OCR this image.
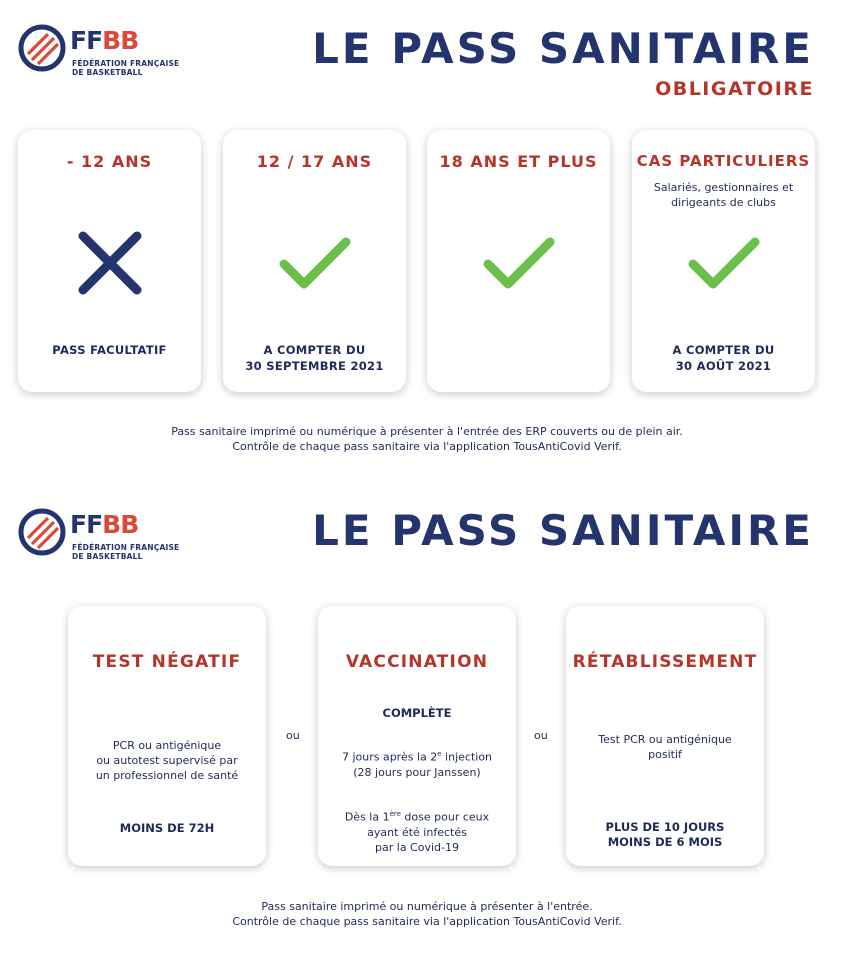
FFBB
FÉDÉRATION FRANÇAISE
DE BASKETBALL	LE PASS SANITAIRE
OBLIGATOIRE
- 12 ANS
PASS FACULTATIF
12 / 17 ANS
A COMPTER DU
30 SEPTEMBRE 2021
18 ANS ET PLUS	CAS PARTICULIERS
Salariés, gestionnaires et
dirigeants de clubs
A COMPTER DU
30 AOÛT 2021
Pass sanitaire imprimé ou numérique à présenter à l'entrée des ERP couverts ou de plein air.
Contrôle de chaque pass sanitaire via l'application TousAntiCovid Verif.
FFBB
FÉDÉRATION FRANÇAISE
DE BASKETBALL
LE PASS SANITAIRE
TEST NÉGATIF
PCR ou antigénique
ou autotest supervisé par
un professionnel de santé
MOINS DE 72H
ou
VACCINATION
COMPLÈTE
7 jours après la 2e injection
(28 jours pour Janssen)
Dès la 1ère dose pour ceux
ayant été infectés
par la Covid-19
ou
RÉTABLISSEMENT
Test PCR ou antigénique
positif
PLUS DE 10 JOURS
MOINS DE 6 MOIS
Pass sanitaire imprimé ou numérique à présenter à l'entrée.
Contrôle de chaque pass sanitaire via l'application TousAntiCovid Verif.
